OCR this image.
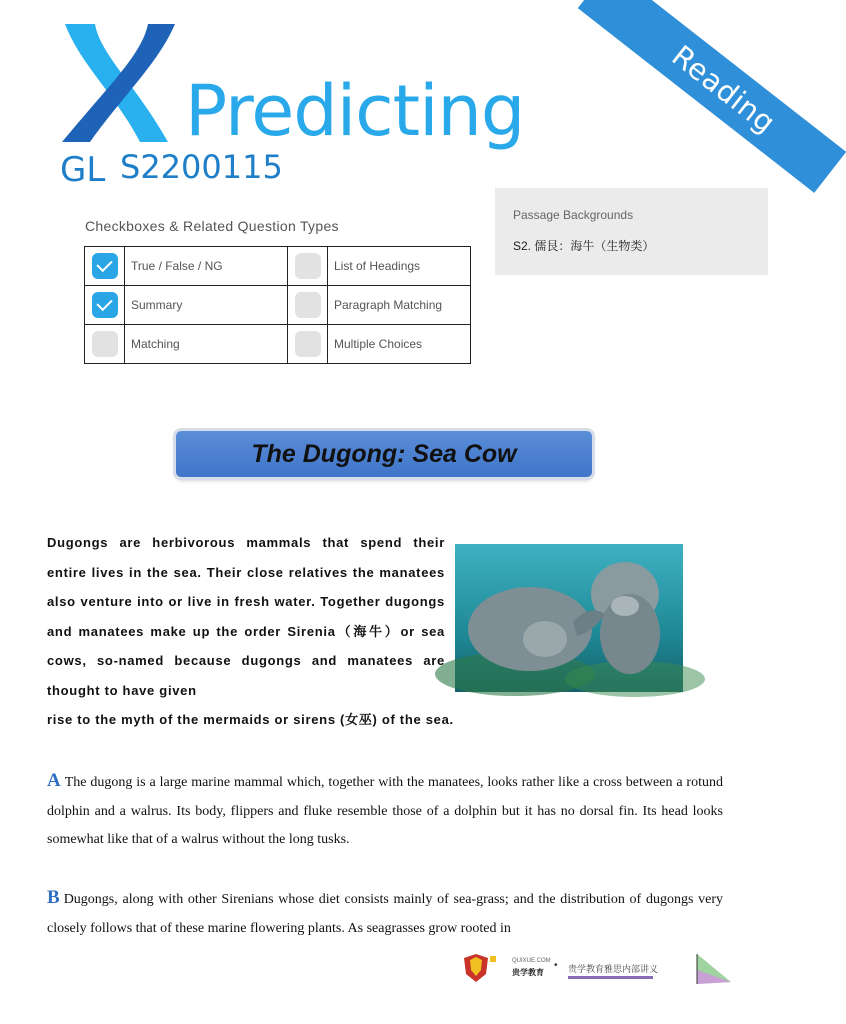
Reading
Predicting
GL S2200115
Passage Backgrounds
S2. 儒艮：海牛（生物类）
Checkboxes & Related Question Types
	True / False / NG		List of Headings
	Summary		Paragraph Matching
	Matching		Multiple Choices
The Dugong: Sea Cow
Dugongs are herbivorous mammals that spend their entire lives in the sea. Their close relatives the manatees also venture into or live in fresh water. Together dugongs and manatees make up the order Sirenia（海牛）or sea cows, so-named because dugongs and manatees are thought to have given
rise to the myth of the mermaids or sirens (女巫) of the sea.
A The dugong is a large marine mammal which, together with the manatees, looks rather like a cross between a rotund dolphin and a walrus. Its body, flippers and fluke resemble those of a dolphin but it has no dorsal fin. Its head looks somewhat like that of a walrus without the long tusks.
B Dugongs, along with other Sirenians whose diet consists mainly of sea-grass; and the distribution of dugongs very closely follows that of these marine flowering plants. As seagrasses grow rooted in
QUIXUE.COM
贵学教育
• 贵学教育雅思内部讲义
